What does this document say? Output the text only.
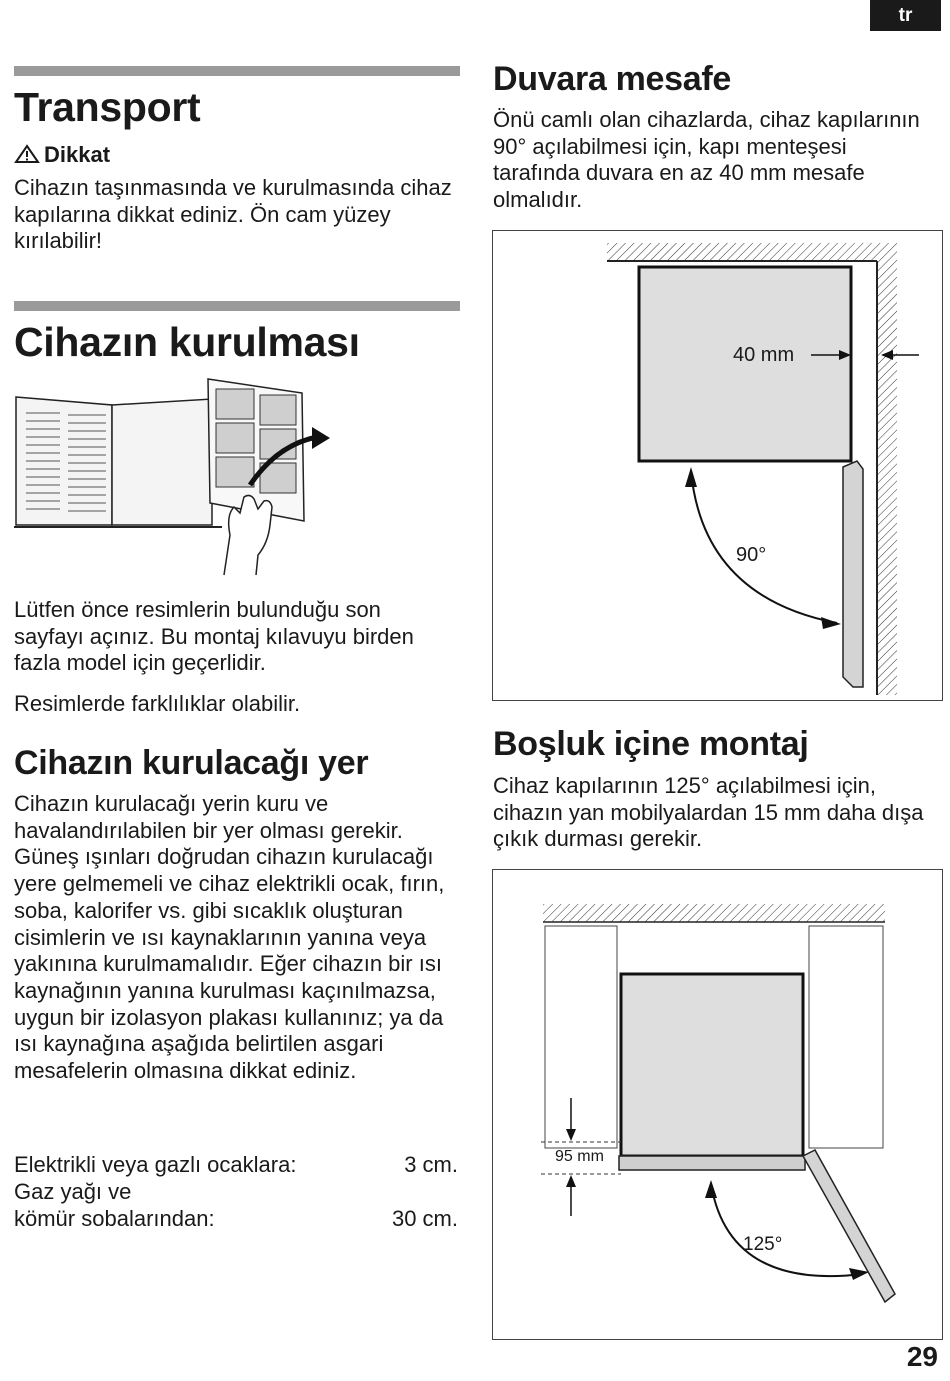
tr
Transport
Dikkat

Cihazın taşınmasında ve kurulmasında cihaz kapılarına dikkat ediniz. Ön cam yüzey kırılabilir!

Cihazın kurulması

Lütfen önce resimlerin bulunduğu son sayfayı açınız. Bu montaj kılavuyu birden fazla model için geçerlidir.

Resimlerde farklılıklar olabilir.

Cihazın kurulacağı yer

Cihazın kurulacağı yerin kuru ve havalandırılabilen bir yer olması gerekir. Güneş ışınları doğrudan cihazın kurulacağı yere gelmemeli ve cihaz elektrikli ocak, fırın, soba, kalorifer vs. gibi sıcaklık oluşturan cisimlerin ve ısı kaynaklarının yanına veya yakınına kurulmamalıdır. Eğer cihazın bir ısı kaynağının yanına kurulması kaçınılmazsa, uygun bir izolasyon plakası kullanınız; ya da ısı kaynağına aşağıda belirtilen asgari mesafelerin olmasına dikkat ediniz.

Elektrikli veya gazlı ocaklara:	3 cm.

Gaz yağı ve
kömür sobalarından:	30 cm.

Duvara mesafe

Önü camlı olan cihazlarda, cihaz kapılarının 90° açılabilmesi için, kapı menteşesi tarafında duvara en az 40 mm mesafe olmalıdır.

40 mm
90°
Boşluk içine montaj

Cihaz kapılarının 125° açılabilmesi için, cihazın yan mobilyalardan 15 mm daha dışa çıkık durması gerekir.

95 mm
125°
29
